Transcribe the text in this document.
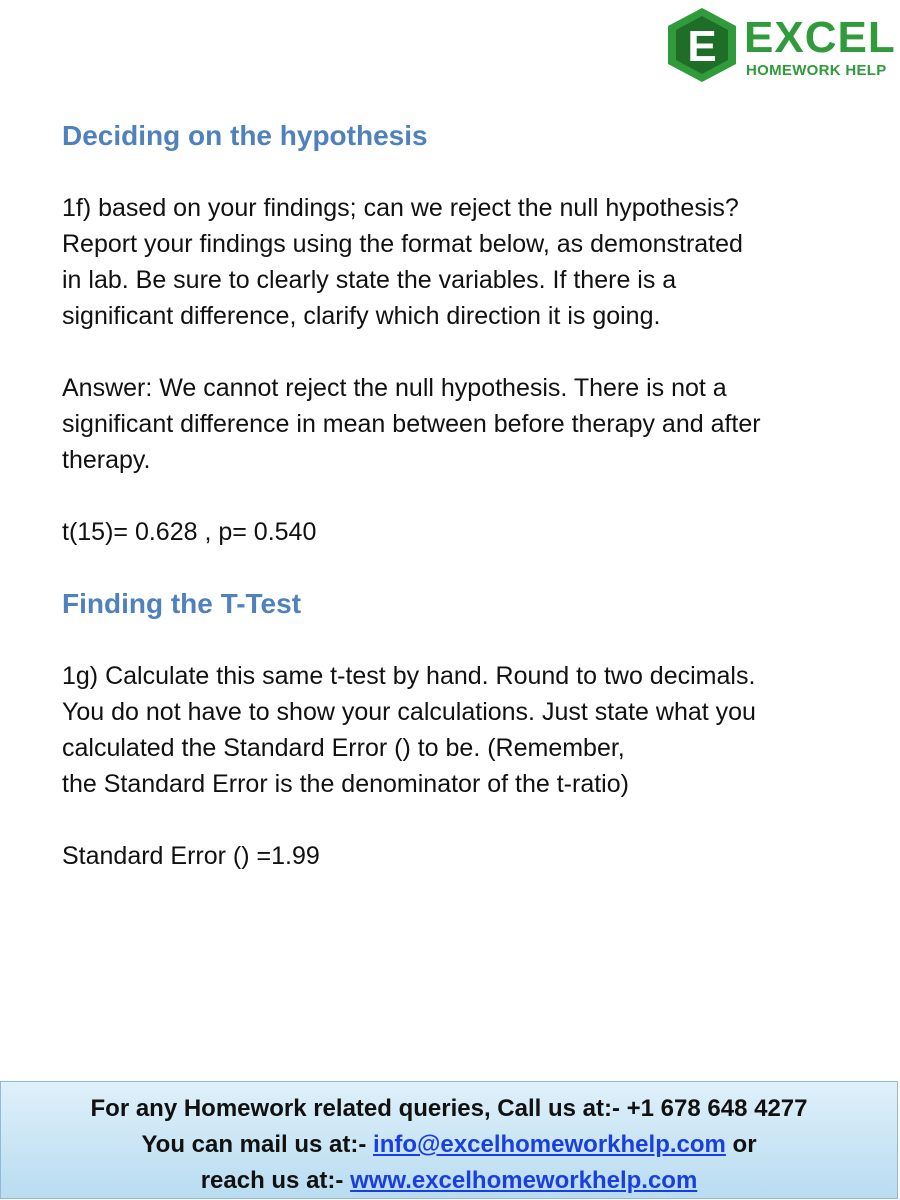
E EXCEL
HOMEWORK HELP
Deciding on the hypothesis

1f) based on your findings; can we reject the null hypothesis?
Report your findings using the format below, as demonstrated
in lab. Be sure to clearly state the variables. If there is a
significant difference, clarify which direction it is going.

Answer: We cannot reject the null hypothesis. There is not a
significant difference in mean between before therapy and after
therapy.

t(15)= 0.628 , p= 0.540

Finding the T-Test

1g) Calculate this same t-test by hand. Round to two decimals.
You do not have to show your calculations. Just state what you
calculated the Standard Error () to be. (Remember,
the Standard Error is the denominator of the t-ratio)

Standard Error () =1.99

For any Homework related queries, Call us at:- +1 678 648 4277
You can mail us at:- info@excelhomeworkhelp.com or
reach us at:- www.excelhomeworkhelp.com
